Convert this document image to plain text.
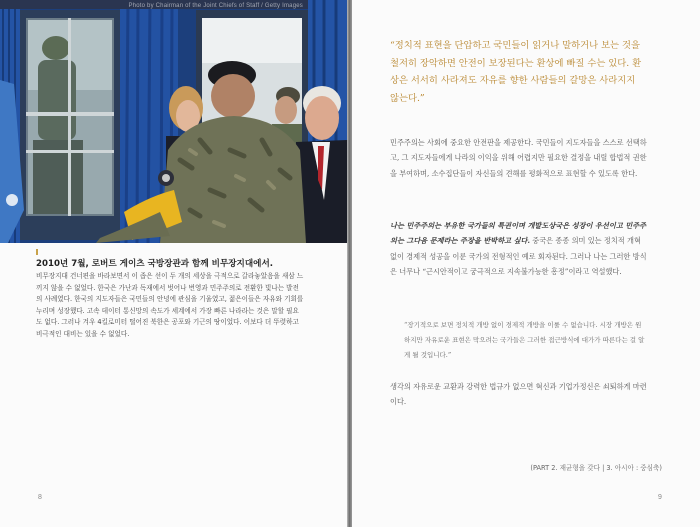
Photo by Chairman of the Joint Chiefs of Staff / Getty Images
2010년 7월, 로버트 게이츠 국방장관과 함께 비무장지대에서.
비무장지대 건너편을 바라보면서 이 좁은 선이 두 개의 세상을 극적으로 갈라놓았음을 새삼 느끼지 않을 수 없었다. 한국은 가난과 독재에서 벗어나 번영과 민주주의로 전환한 빛나는 발전의 사례였다. 한국의 지도자들은 국민들의 안녕에 관심을 기울였고, 젊은이들은 자유와 기회를 누리며 성장했다. 고속 데이터 통신망의 속도가 세계에서 가장 빠른 나라라는 것은 말할 필요도 없다. 그러나 겨우 4킬로미터 떨어진 북한은 공포와 기근의 땅이었다. 이보다 더 뚜렷하고 비극적인 대비는 있을 수 없었다.
8
“정치적 표현을 단압하고 국민들이 읽거나 말하거나 보는 것을 철저히 장악하면 안전이 보장된다는 환상에 빠질 수는 있다. 환상은 서서히 사라져도 자유를 향한 사람들의 갈망은 사라지지 않는다.”
민주주의는 사회에 중요한 안전판을 제공한다. 국민들이 지도자들을 스스로 선택하고, 그 지도자들에게 나라의 이익을 위해 어렵지만 필요한 결정을 내릴 합법적 권한을 부여하며, 소수집단들이 자신들의 견해를 평화적으로 표현할 수 있도록 한다.
나는 민주주의는 부유한 국가들의 특권이며 개발도상국은 성장이 우선이고 민주주의는 그다음 문제라는 주장을 반박하고 싶다. 중국은 종종 의미 있는 정치적 개혁 없이 경제적 성공을 이룬 국가의 전형적인 예로 회자된다. 그러나 나는 그러한 방식은 너무나 “근시안적이고 궁극적으로 지속불가능한 흥정”이라고 역설했다.
“장기적으로 보면 정치적 개방 없이 경제적 개방을 이룰 수 없습니다. 시장 개방은 원하지만 자유로운 표현은 막으려는 국가들은 그러한 접근방식에 대가가 따른다는 걸 알게 될 것입니다.”
생각의 자유로운 교환과 강력한 법규가 없으면 혁신과 기업가정신은 쇠퇴하게 마련이다.
(PART 2. 재균형을 갖다 | 3. 아시아 : 중심축)
9
